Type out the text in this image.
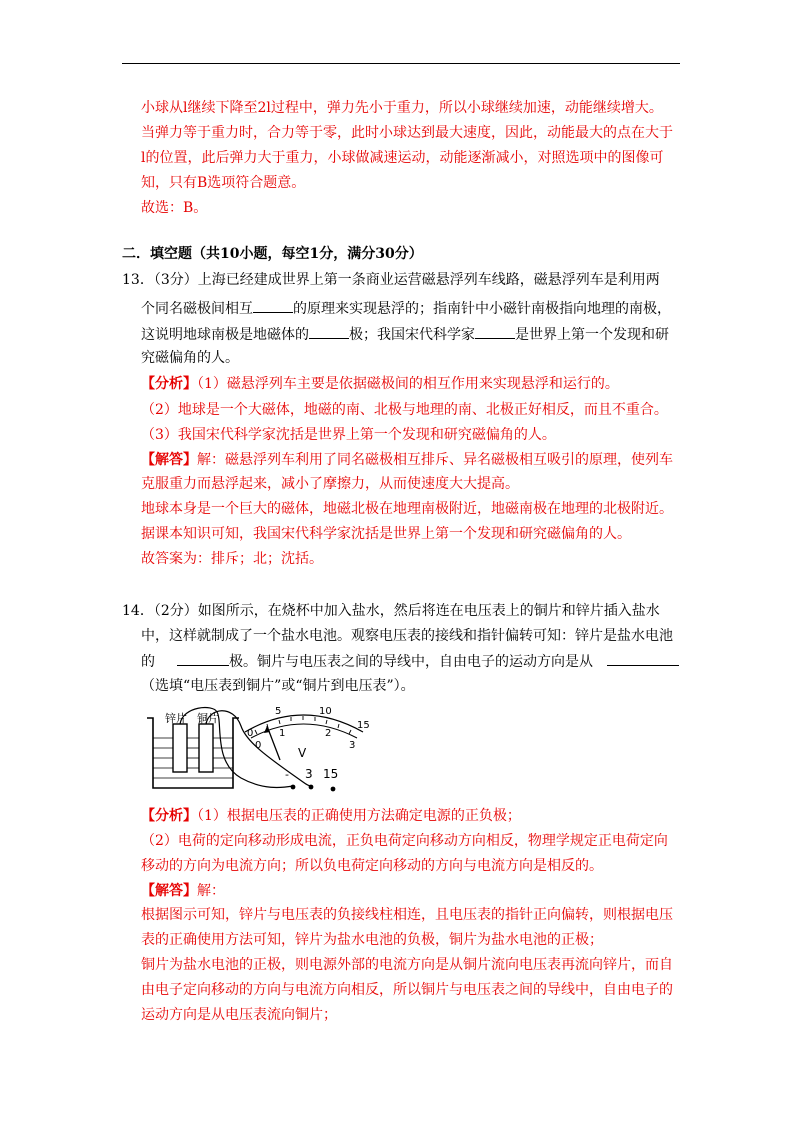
小球从l继续下降至2l过程中，弹力先小于重力，所以小球继续加速，动能继续增大。
当弹力等于重力时，合力等于零，此时小球达到最大速度，因此，动能最大的点在大于
l的位置，此后弹力大于重力，小球做减速运动，动能逐渐减小，对照选项中的图像可
知，只有B选项符合题意。
故选：B。
二．填空题（共10小题，每空1分，满分30分）
13．（3分）上海已经建成世界上第一条商业运营磁悬浮列车线路，磁悬浮列车是利用两
个同名磁极间相互	的原理来实现悬浮的；指南针中小磁针南极指向地理的南极，
这说明地球南极是地磁体的	极；我国宋代科学家	是世界上第一个发现和研
究磁偏角的人。
【分析】（1）磁悬浮列车主要是依据磁极间的相互作用来实现悬浮和运行的。
（2）地球是一个大磁体，地磁的南、北极与地理的南、北极正好相反，而且不重合。
（3）我国宋代科学家沈括是世界上第一个发现和研究磁偏角的人。
【解答】解：磁悬浮列车利用了同名磁极相互排斥、异名磁极相互吸引的原理，使列车
克服重力而悬浮起来，减小了摩擦力，从而使速度大大提高。
地球本身是一个巨大的磁体，地磁北极在地理南极附近，地磁南极在地理的北极附近。
据课本知识可知，我国宋代科学家沈括是世界上第一个发现和研究磁偏角的人。
故答案为：排斥；北；沈括。
14．（2分）如图所示，在烧杯中加入盐水，然后将连在电压表上的铜片和锌片插入盐水
中，这样就制成了一个盐水电池。观察电压表的接线和指针偏转可知：锌片是盐水电池
的	极。铜片与电压表之间的导线中，自由电子的运动方向是从
（选填“电压表到铜片”或“铜片到电压表”）。
锌片 铜片
0
5	10
15
0
1	2
3
V
- 3 15
【分析】（1）根据电压表的正确使用方法确定电源的正负极；
（2）电荷的定向移动形成电流，正负电荷定向移动方向相反，物理学规定正电荷定向
移动的方向为电流方向；所以负电荷定向移动的方向与电流方向是相反的。
【解答】解：
根据图示可知，锌片与电压表的负接线柱相连，且电压表的指针正向偏转，则根据电压
表的正确使用方法可知，锌片为盐水电池的负极，铜片为盐水电池的正极；
铜片为盐水电池的正极，则电源外部的电流方向是从铜片流向电压表再流向锌片，而自
由电子定向移动的方向与电流方向相反，所以铜片与电压表之间的导线中，自由电子的
运动方向是从电压表流向铜片；
